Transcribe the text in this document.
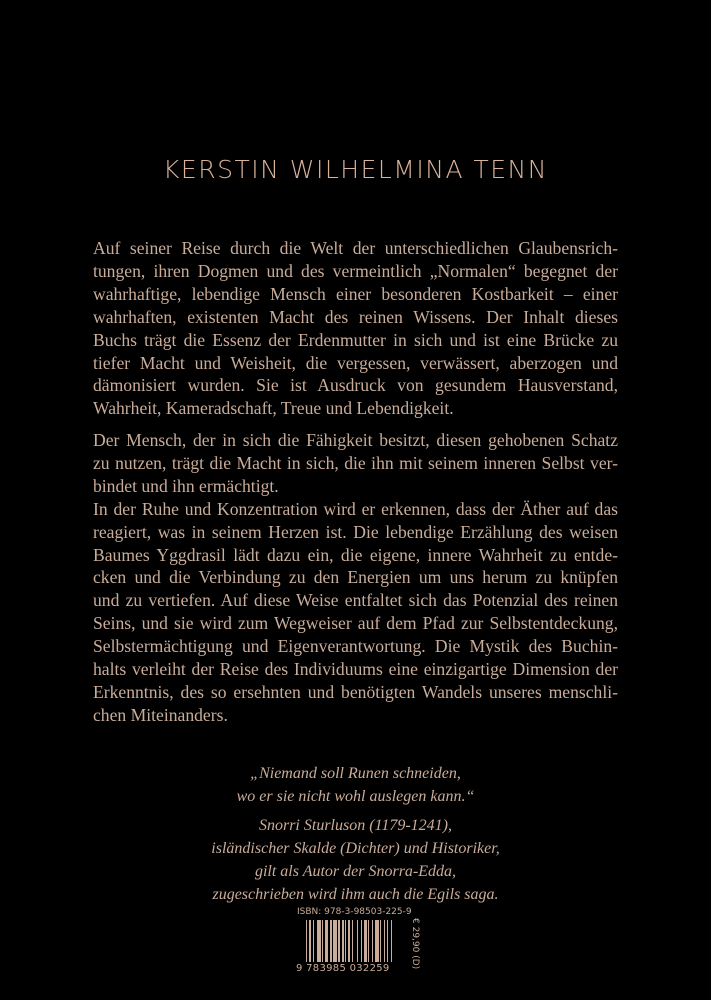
KERSTIN WILHELMINA TENN
Auf seiner Reise durch die Welt der unterschiedlichen Glaubensrich-
tungen, ihren Dogmen und des vermeintlich „Normalen“ begegnet der
wahrhaftige, lebendige Mensch einer besonderen Kostbarkeit – einer
wahrhaften, existenten Macht des reinen Wissens. Der Inhalt dieses
Buchs trägt die Essenz der Erdenmutter in sich und ist eine Brücke zu
tiefer Macht und Weisheit, die vergessen, verwässert, aberzogen und
dämonisiert wurden. Sie ist Ausdruck von gesundem Hausverstand,
Wahrheit, Kameradschaft, Treue und Lebendigkeit.
Der Mensch, der in sich die Fähigkeit besitzt, diesen gehobenen Schatz
zu nutzen, trägt die Macht in sich, die ihn mit seinem inneren Selbst ver-
bindet und ihn ermächtigt.
In der Ruhe und Konzentration wird er erkennen, dass der Äther auf das
reagiert, was in seinem Herzen ist. Die lebendige Erzählung des weisen
Baumes Yggdrasil lädt dazu ein, die eigene, innere Wahrheit zu entde-
cken und die Verbindung zu den Energien um uns herum zu knüpfen
und zu vertiefen. Auf diese Weise entfaltet sich das Potenzial des reinen
Seins, und sie wird zum Wegweiser auf dem Pfad zur Selbstentdeckung,
Selbstermächtigung und Eigenverantwortung. Die Mystik des Buchin-
halts verleiht der Reise des Individuums eine einzigartige Dimension der
Erkenntnis, des so ersehnten und benötigten Wandels unseres menschli-
chen Miteinanders.
„Niemand soll Runen schneiden,
wo er sie nicht wohl auslegen kann.“
Snorri Sturluson (1179-1241),
isländischer Skalde (Dichter) und Historiker,
gilt als Autor der Snorra-Edda,
zugeschrieben wird ihm auch die Egils saga.
ISBN: 978-3-98503-225-9
9 783985 032259 € 29,90 (D)
